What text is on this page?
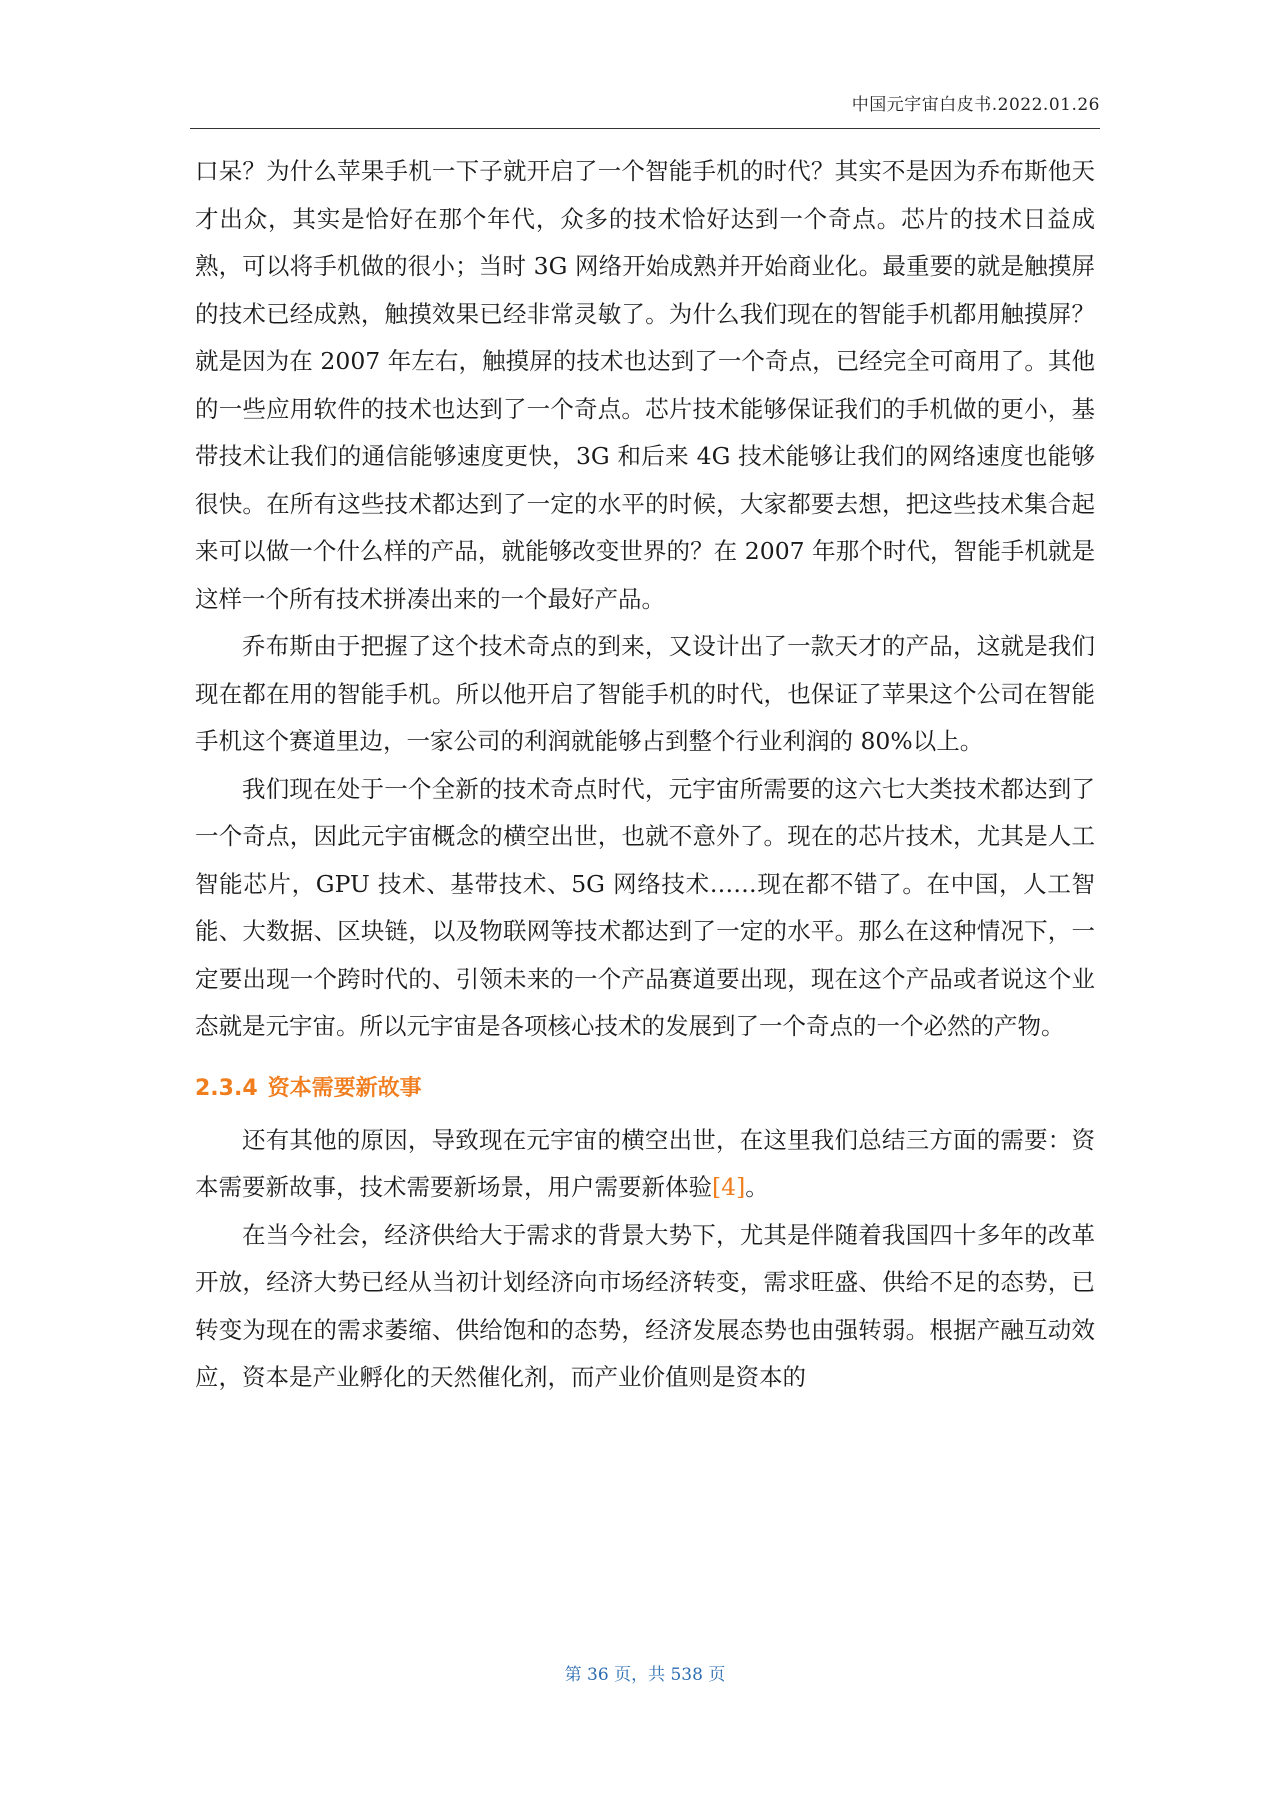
中国元宇宙白皮书.2022.01.26

口呆？为什么苹果手机一下子就开启了一个智能手机的时代？其实不是因为乔布斯他天才出众，其实是恰好在那个年代，众多的技术恰好达到一个奇点。芯片的技术日益成熟，可以将手机做的很小；当时 3G 网络开始成熟并开始商业化。最重要的就是触摸屏的技术已经成熟，触摸效果已经非常灵敏了。为什么我们现在的智能手机都用触摸屏？就是因为在 2007 年左右，触摸屏的技术也达到了一个奇点，已经完全可商用了。其他的一些应用软件的技术也达到了一个奇点。芯片技术能够保证我们的手机做的更小，基带技术让我们的通信能够速度更快，3G 和后来 4G 技术能够让我们的网络速度也能够很快。在所有这些技术都达到了一定的水平的时候，大家都要去想，把这些技术集合起来可以做一个什么样的产品，就能够改变世界的？在 2007 年那个时代，智能手机就是这样一个所有技术拼凑出来的一个最好产品。

乔布斯由于把握了这个技术奇点的到来，又设计出了一款天才的产品，这就是我们现在都在用的智能手机。所以他开启了智能手机的时代，也保证了苹果这个公司在智能手机这个赛道里边，一家公司的利润就能够占到整个行业利润的 80%以上。

我们现在处于一个全新的技术奇点时代，元宇宙所需要的这六七大类技术都达到了一个奇点，因此元宇宙概念的横空出世，也就不意外了。现在的芯片技术，尤其是人工智能芯片，GPU 技术、基带技术、5G 网络技术……现在都不错了。在中国，人工智能、大数据、区块链，以及物联网等技术都达到了一定的水平。那么在这种情况下，一定要出现一个跨时代的、引领未来的一个产品赛道要出现，现在这个产品或者说这个业态就是元宇宙。所以元宇宙是各项核心技术的发展到了一个奇点的一个必然的产物。

2.3.4 资本需要新故事

还有其他的原因，导致现在元宇宙的横空出世，在这里我们总结三方面的需要：资本需要新故事，技术需要新场景，用户需要新体验[4]。

在当今社会，经济供给大于需求的背景大势下，尤其是伴随着我国四十多年的改革开放，经济大势已经从当初计划经济向市场经济转变，需求旺盛、供给不足的态势，已转变为现在的需求萎缩、供给饱和的态势，经济发展态势也由强转弱。根据产融互动效应，资本是产业孵化的天然催化剂，而产业价值则是资本的

第 36 页，共 538 页
